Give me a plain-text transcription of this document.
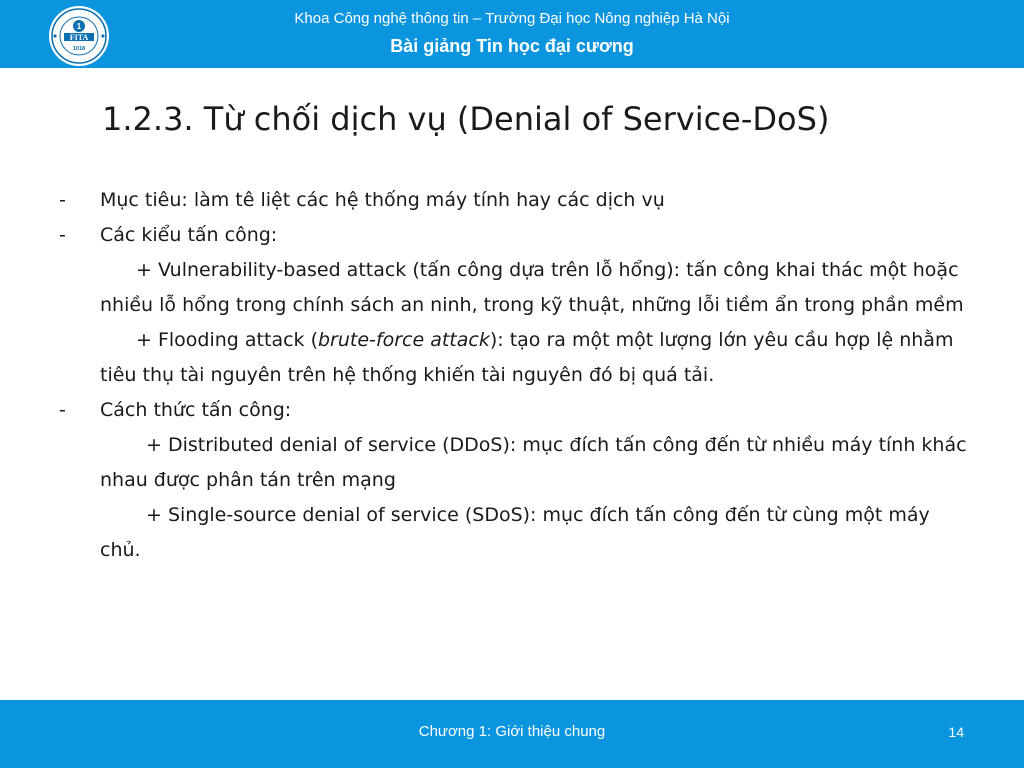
1
FITA
1018
Khoa Công nghệ thông tin – Trường Đại học Nông nghiệp Hà Nội
Bài giảng Tin học đại cương
1.2.3. Từ chối dịch vụ (Denial of Service-DoS)
- Mục tiêu: làm tê liệt các hệ thống máy tính hay các dịch vụ
- Các kiểu tấn công:
+ Vulnerability-based attack (tấn công dựa trên lỗ hổng): tấn công khai thác một hoặc nhiều lỗ hổng trong chính sách an ninh, trong kỹ thuật, những lỗi tiềm ẩn trong phần mềm
+ Flooding attack (brute-force attack): tạo ra một một lượng lớn yêu cầu hợp lệ nhằm tiêu thụ tài nguyên trên hệ thống khiến tài nguyên đó bị quá tải.
- Cách thức tấn công:
+ Distributed denial of service (DDoS): mục đích tấn công đến từ nhiều máy tính khác nhau được phân tán trên mạng
+ Single-source denial of service (SDoS): mục đích tấn công đến từ cùng một máy chủ.
Chương 1: Giới thiệu chung	14
